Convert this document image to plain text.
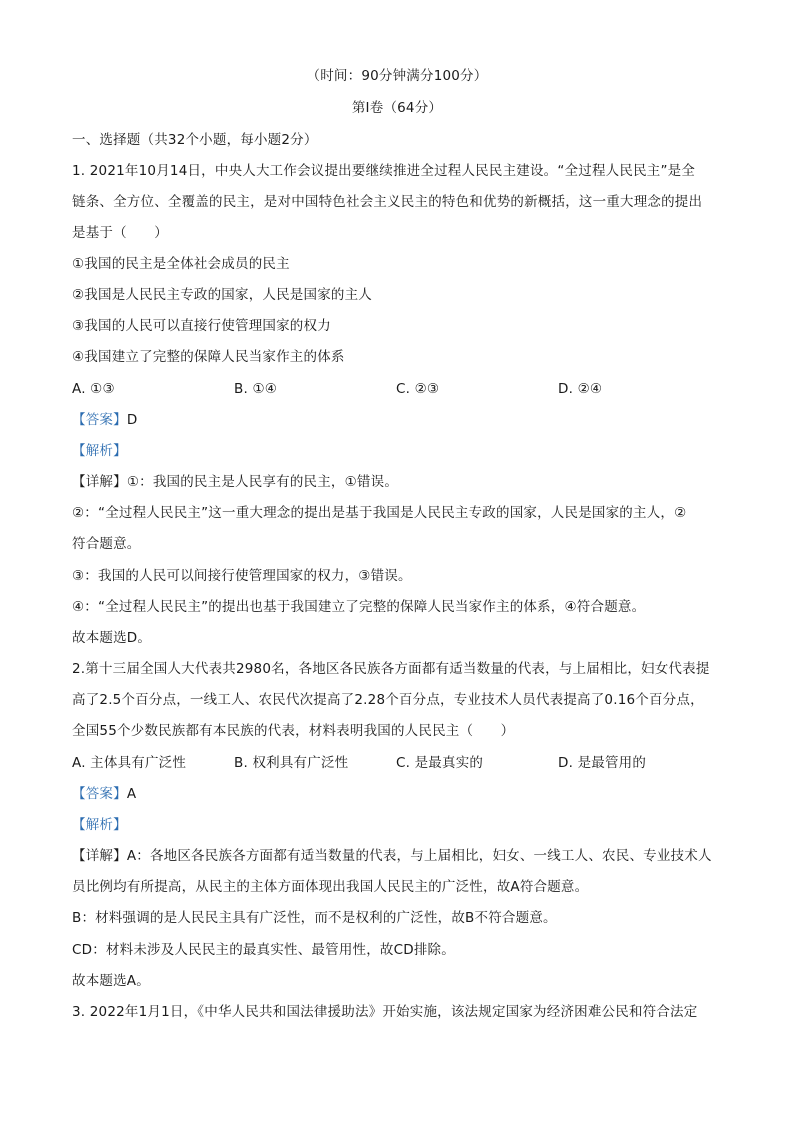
（时间：90分钟满分100分）
第Ⅰ卷（64分）
一、选择题（共32个小题，每小题2分）
1. 2021年10月14日，中央人大工作会议提出要继续推进全过程人民民主建设。“全过程人民民主”是全
链条、全方位、全覆盖的民主，是对中国特色社会主义民主的特色和优势的新概括，这一重大理念的提出
是基于（　　）
①我国的民主是全体社会成员的民主
②我国是人民民主专政的国家，人民是国家的主人
③我国的人民可以直接行使管理国家的权力
④我国建立了完整的保障人民当家作主的体系
A. ①③	B. ①④	C. ②③	D. ②④
【答案】D
【解析】
【详解】①：我国的民主是人民享有的民主，①错误。
②：“全过程人民民主”这一重大理念的提出是基于我国是人民民主专政的国家，人民是国家的主人，②
符合题意。
③：我国的人民可以间接行使管理国家的权力，③错误。
④：“全过程人民民主”的提出也基于我国建立了完整的保障人民当家作主的体系，④符合题意。
故本题选D。
2.第十三届全国人大代表共2980名，各地区各民族各方面都有适当数量的代表，与上届相比，妇女代表提
高了2.5个百分点，一线工人、农民代次提高了2.28个百分点，专业技术人员代表提高了0.16个百分点，
全国55个少数民族都有本民族的代表，材料表明我国的人民民主（　　）
A. 主体具有广泛性	B. 权利具有广泛性	C. 是最真实的	D. 是最管用的
【答案】A
【解析】
【详解】A：各地区各民族各方面都有适当数量的代表，与上届相比，妇女、一线工人、农民、专业技术人
员比例均有所提高，从民主的主体方面体现出我国人民民主的广泛性，故A符合题意。
B：材料强调的是人民民主具有广泛性，而不是权利的广泛性，故B不符合题意。
CD：材料未涉及人民民主的最真实性、最管用性，故CD排除。
故本题选A。
3. 2022年1月1日，《中华人民共和国法律援助法》开始实施，该法规定国家为经济困难公民和符合法定
